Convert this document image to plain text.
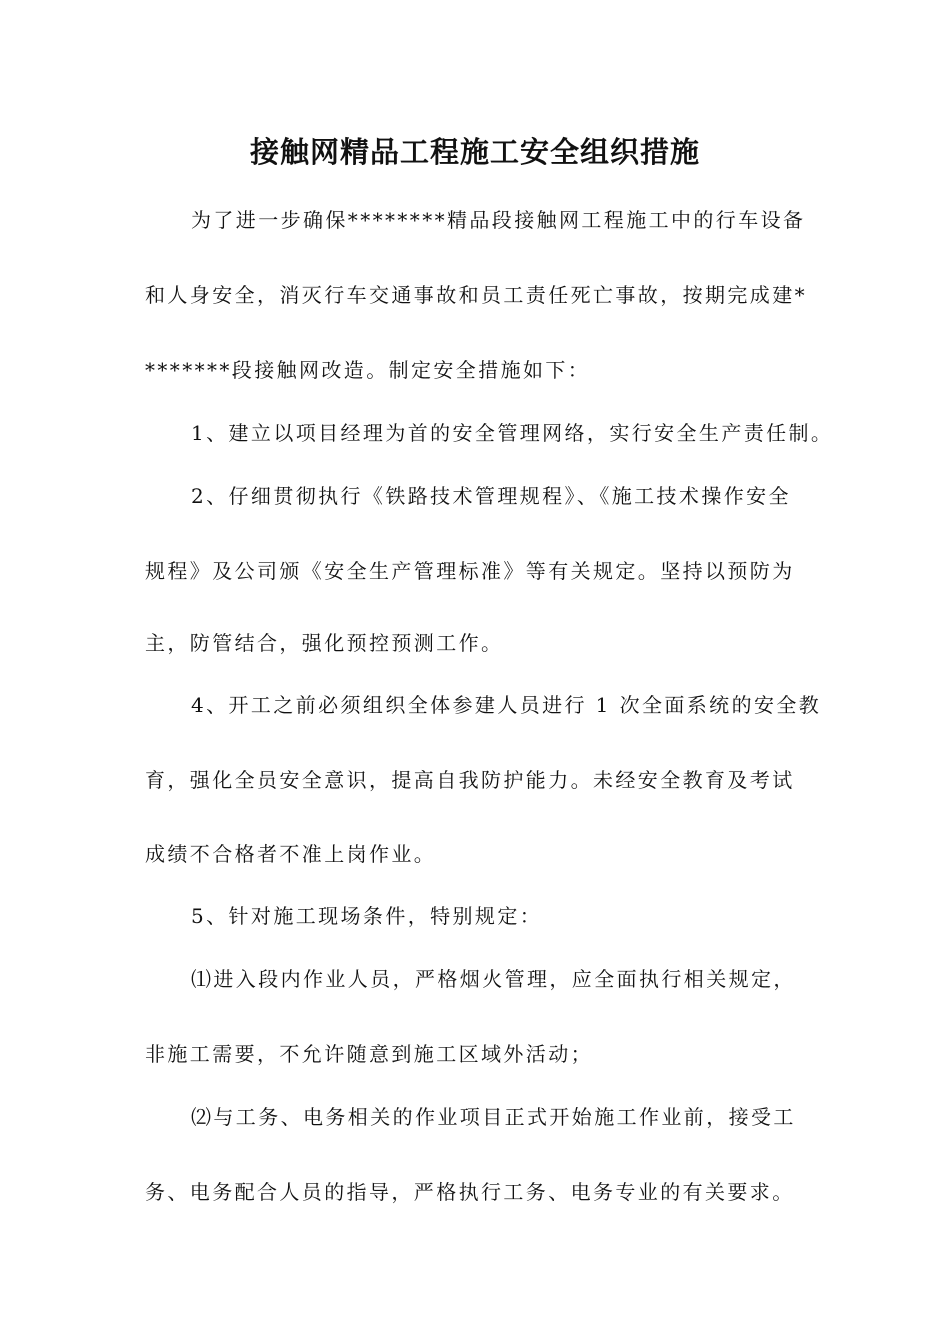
接触网精品工程施工安全组织措施
为了进一步确保********精品段接触网工程施工中的行车设备
和人身安全，消灭行车交通事故和员工责任死亡事故，按期完成建*
*******段接触网改造。制定安全措施如下：
1、建立以项目经理为首的安全管理网络，实行安全生产责任制。
2、仔细贯彻执行《铁路技术管理规程》、《施工技术操作安全
规程》及公司颁《安全生产管理标准》等有关规定。坚持以预防为
主，防管结合，强化预控预测工作。
4、开工之前必须组织全体参建人员进行 1 次全面系统的安全教
育，强化全员安全意识，提高自我防护能力。未经安全教育及考试
成绩不合格者不准上岗作业。
5、针对施工现场条件，特别规定：
⑴进入段内作业人员，严格烟火管理，应全面执行相关规定，
非施工需要，不允许随意到施工区域外活动；
⑵与工务、电务相关的作业项目正式开始施工作业前，接受工
务、电务配合人员的指导，严格执行工务、电务专业的有关要求。
